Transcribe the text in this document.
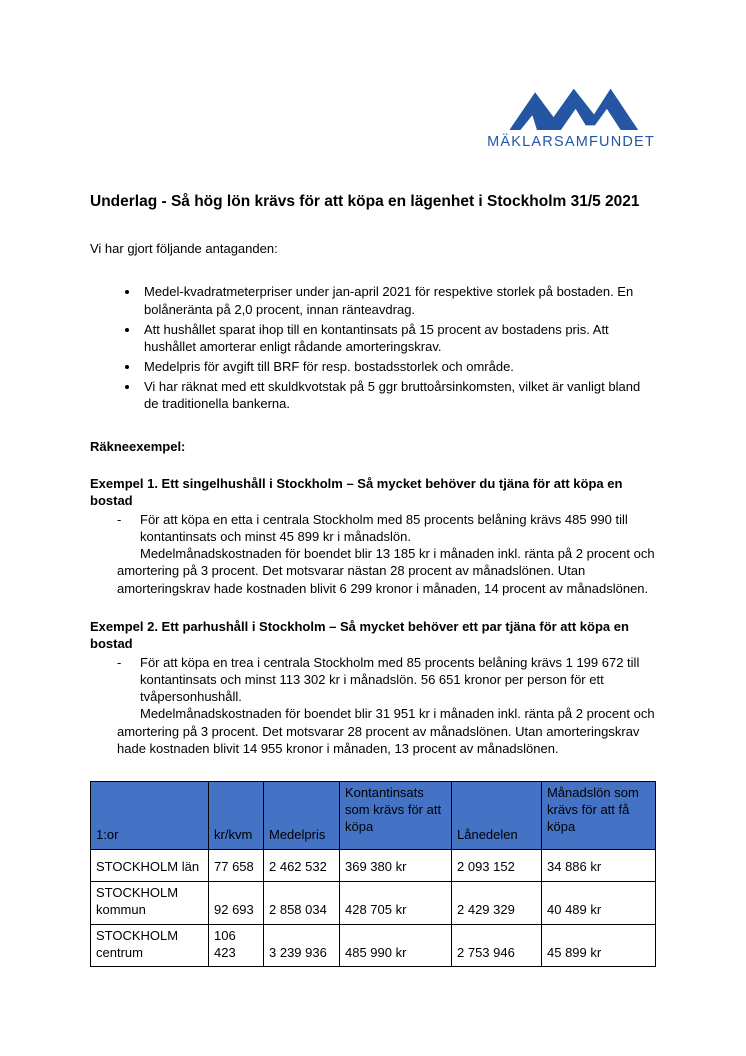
MÄKLARSAMFUNDET
Underlag - Så hög lön krävs för att köpa en lägenhet i Stockholm 31/5 2021

Vi har gjort följande antaganden:

• Medel-kvadratmeterpriser under jan-april 2021 för respektive storlek på bostaden. En bolåneränta på 2,0 procent, innan ränteavdrag.
• Att hushållet sparat ihop till en kontantinsats på 15 procent av bostadens pris. Att hushållet amorterar enligt rådande amorteringskrav.
• Medelpris för avgift till BRF för resp. bostadsstorlek och område.
• Vi har räknat med ett skuldkvotstak på 5 ggr bruttoårsinkomsten, vilket är vanligt bland de traditionella bankerna.

Räkneexempel:

Exempel 1. Ett singelhushåll i Stockholm – Så mycket behöver du tjäna för att köpa en bostad

- För att köpa en etta i centrala Stockholm med 85 procents belåning krävs 485 990 till kontantinsats och minst 45 899 kr i månadslön.

Medelmånadskostnaden för boendet blir 13 185 kr i månaden inkl. ränta på 2 procent och amortering på 3 procent. Det motsvarar nästan 28 procent av månadslönen. Utan amorteringskrav hade kostnaden blivit 6 299 kronor i månaden, 14 procent av månadslönen.

Exempel 2. Ett parhushåll i Stockholm – Så mycket behöver ett par tjäna för att köpa en bostad

- För att köpa en trea i centrala Stockholm med 85 procents belåning krävs 1 199 672 till kontantinsats och minst 113 302 kr i månadslön. 56 651 kronor per person för ett tvåpersonhushåll.

Medelmånadskostnaden för boendet blir 31 951 kr i månaden inkl. ränta på 2 procent och amortering på 3 procent. Det motsvarar 28 procent av månadslönen. Utan amorteringskrav hade kostnaden blivit 14 955 kronor i månaden, 13 procent av månadslönen.

1:or	kr/kvm	Medelpris	Kontantinsats som krävs för att köpa	Lånedelen	Månadslön som krävs för att få köpa
STOCKHOLM län	77 658	2 462 532	369 380 kr	2 093 152	34 886 kr
STOCKHOLM kommun	92 693	2 858 034	428 705 kr	2 429 329	40 489 kr
STOCKHOLM centrum	106 423	3 239 936	485 990 kr	2 753 946	45 899 kr
